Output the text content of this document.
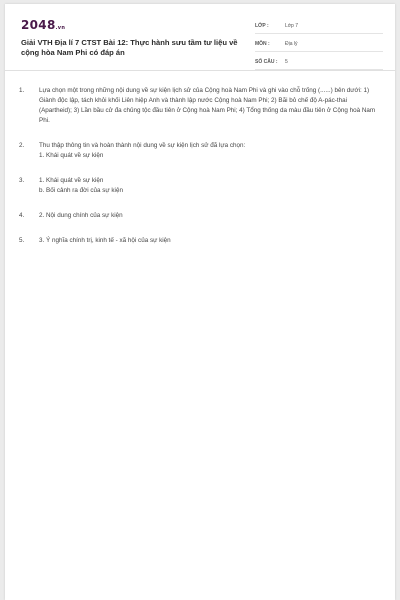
2048.vn
Giải VTH Địa lí 7 CTST Bài 12: Thực hành sưu tầm tư liệu về cộng hòa Nam Phi có đáp án
LỚP :	Lớp 7
MÔN :	Địa lý
SỐ CÂU :	5
1.	Lựa chọn một trong những nội dung về sự kiện lịch sử của Cộng hoà Nam Phi và ghi vào chỗ trống (......) bên dưới: 1) Giành độc lập, tách khỏi khối Liên hiệp Anh và thành lập nước Cộng hoà Nam Phi; 2) Bãi bỏ chế độ A-pác-thai (Apartheid); 3) Lần bầu cử đa chủng tộc đầu tiên ở Cộng hoà Nam Phi; 4) Tổng thống da màu đầu tiên ở Cộng hoà Nam Phi.

2.	Thu thập thông tin và hoàn thành nội dung về sự kiện lịch sử đã lựa chọn:

1. Khái quát về sự kiện

3.	1. Khái quát về sự kiện

b. Bối cảnh ra đời của sự kiện

4.	2. Nội dung chính của sự kiện

5.	3. Ý nghĩa chính trị, kinh tế - xã hội của sự kiện
